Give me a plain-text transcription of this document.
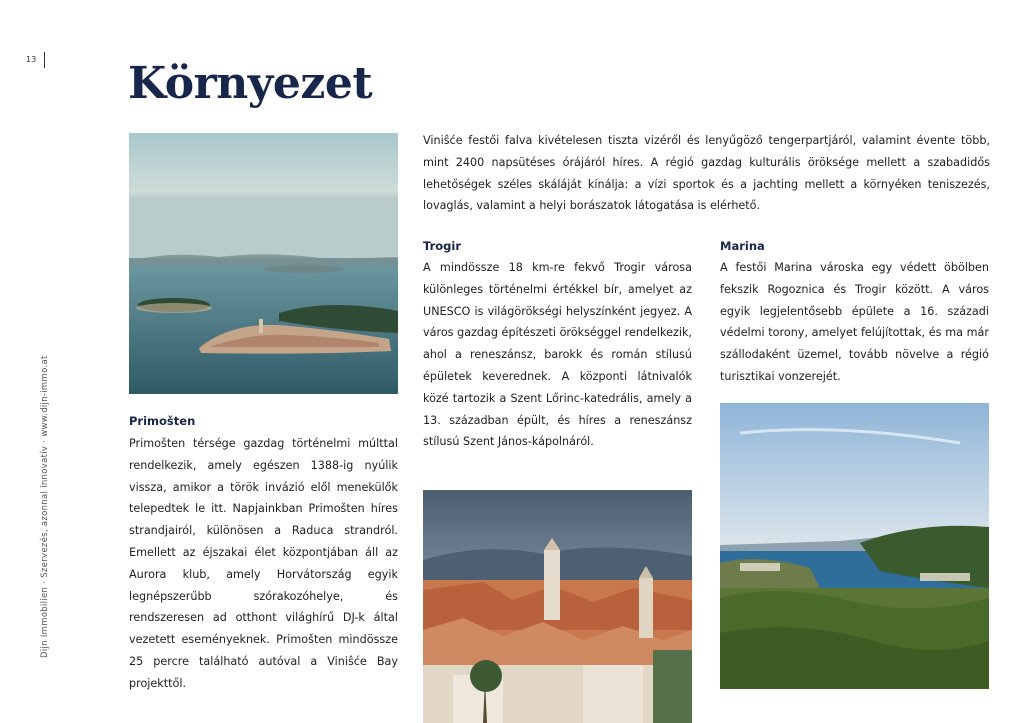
13
Dijn Immobilien · Szervezés, azonnal innovatív · www.dijn-immo.at
Környezet

Viniŝće festői falva kivételesen tiszta vizéről és lenyűgöző tengerpartjáról, valamint évente több, mint 2400 napsütéses órájáról híres. A régió gazdag kulturális öröksége mellett a szabadidős lehetőségek széles skáláját kínálja: a vízi sportok és a jachting mellett a környéken teniszezés, lovaglás, valamint a helyi borászatok látogatása is elérhető.

Primošten

Primošten térsége gazdag történelmi múlttal rendelkezik, amely egészen 1388-ig nyúlik vissza, amikor a török invázió elől menekülők telepedtek le itt. Napjainkban Primošten híres strandjairól, különösen a Raduca strandról. Emellett az éjszakai élet központjában áll az Aurora klub, amely Horvátország egyik legnépszerűbb szórakozóhelye, és rendszeresen ad otthont világhírű DJ-k által vezetett eseményeknek. Primošten mindössze 25 percre található autóval a Viniŝće Bay projekttől.

Trogir

A mindössze 18 km-re fekvő Trogir városa különleges történelmi értékkel bír, amelyet az UNESCO is világörökségi helyszínként jegyez. A város gazdag építészeti örökséggel rendelkezik, ahol a reneszánsz, barokk és román stílusú épületek keverednek. A központi látnivalók közé tartozik a Szent Lőrinc-katedrális, amely a 13. században épült, és híres a reneszánsz stílusú Szent János-kápolnáról.

Marina

A festői Marina városka egy védett öbölben fekszik Rogoznica és Trogir között. A város egyik legjelentősebb épülete a 16. századi védelmi torony, amelyet felújítottak, és ma már szállodaként üzemel, tovább növelve a régió turisztikai vonzerejét.
